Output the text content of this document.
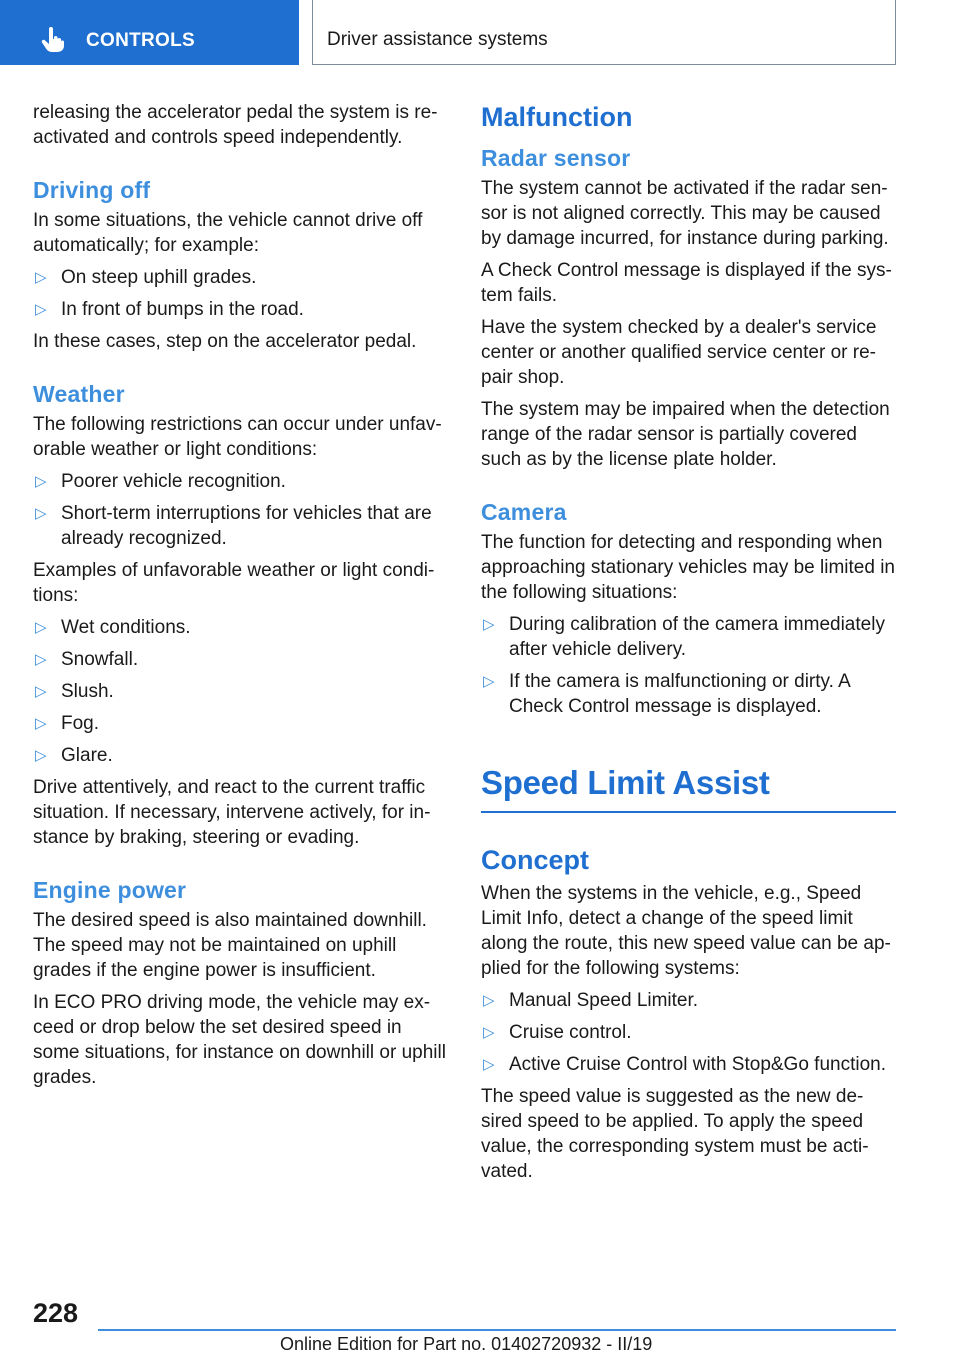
CONTROLS	Driver assistance systems

releasing the accelerator pedal the system is re-activated and controls speed independently.

Driving off

In some situations, the vehicle cannot drive off automatically; for example:

▷ On steep uphill grades.
▷ In front of bumps in the road.

In these cases, step on the accelerator pedal.

Weather

The following restrictions can occur under unfav-orable weather or light conditions:

▷ Poorer vehicle recognition.
▷ Short-term interruptions for vehicles that are already recognized.

Examples of unfavorable weather or light condi-tions:

▷ Wet conditions.
▷ Snowfall.
▷ Slush.
▷ Fog.
▷ Glare.

Drive attentively, and react to the current traffic situation. If necessary, intervene actively, for in-stance by braking, steering or evading.

Engine power

The desired speed is also maintained downhill. The speed may not be maintained on uphill grades if the engine power is insufficient.

In ECO PRO driving mode, the vehicle may ex-ceed or drop below the set desired speed in some situations, for instance on downhill or uphill grades.

Malfunction
Radar sensor

The system cannot be activated if the radar sen-sor is not aligned correctly. This may be caused by damage incurred, for instance during parking.

A Check Control message is displayed if the sys-tem fails.

Have the system checked by a dealer's service center or another qualified service center or re-pair shop.

The system may be impaired when the detection range of the radar sensor is partially covered such as by the license plate holder.

Camera

The function for detecting and responding when approaching stationary vehicles may be limited in the following situations:

▷ During calibration of the camera immediately after vehicle delivery.
▷ If the camera is malfunctioning or dirty. A Check Control message is displayed.
Speed Limit Assist
Concept

When the systems in the vehicle, e.g., Speed Limit Info, detect a change of the speed limit along the route, this new speed value can be ap-plied for the following systems:

▷ Manual Speed Limiter.
▷ Cruise control.
▷ Active Cruise Control with Stop&Go function.

The speed value is suggested as the new de-sired speed to be applied. To apply the speed value, the corresponding system must be acti-vated.

228
Online Edition for Part no. 01402720932 - II/19
